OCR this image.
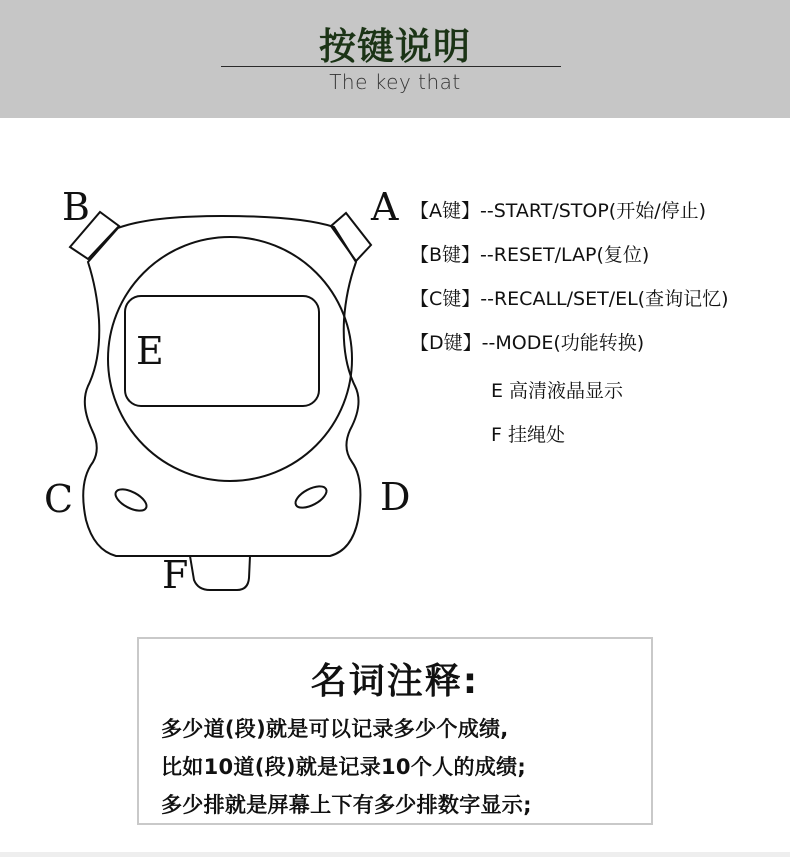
按键说明
The key that
B	A
E
C	D
F
【A键】--START/STOP(开始/停止)
【B键】--RESET/LAP(复位)
【C键】--RECALL/SET/EL(查询记忆)
【D键】--MODE(功能转换)
E 高清液晶显示
F 挂绳处
名词注释:
多少道(段)就是可以记录多少个成绩,
比如10道(段)就是记录10个人的成绩;
多少排就是屏幕上下有多少排数字显示;
